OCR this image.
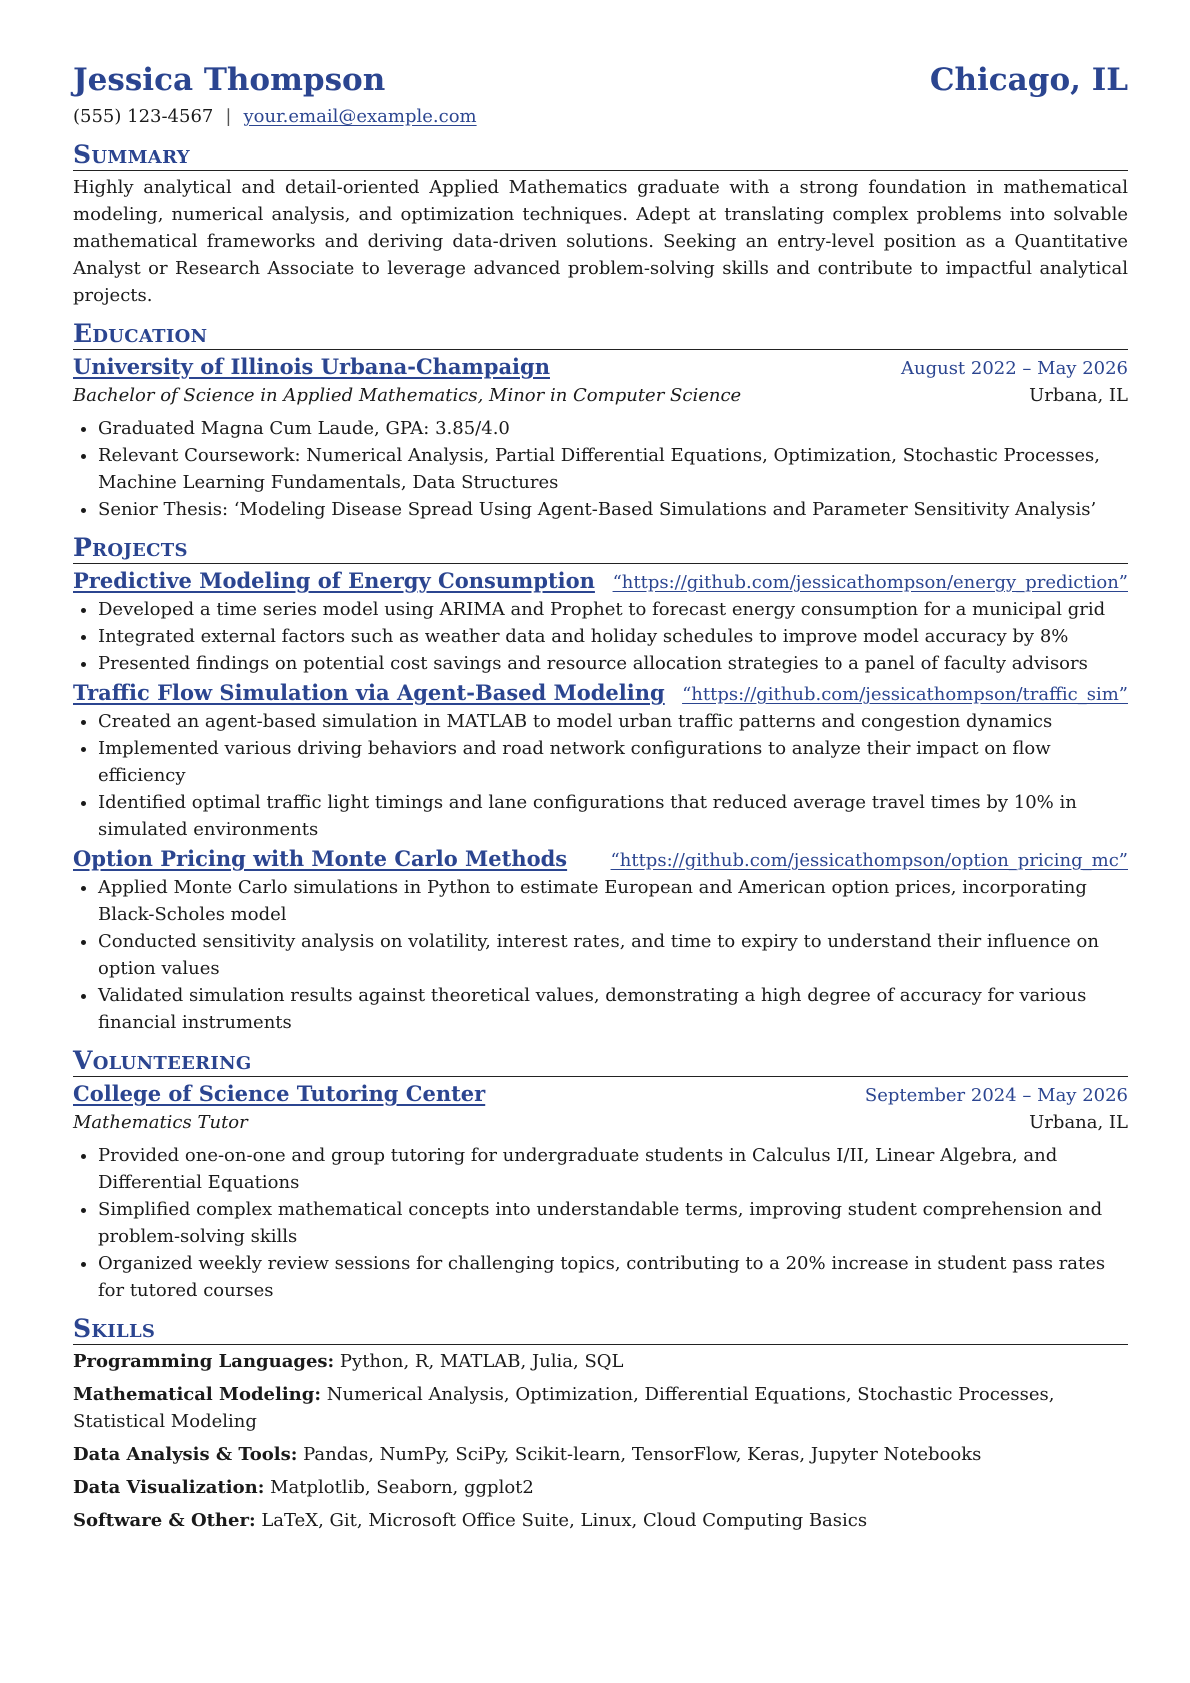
Jessica Thompson	Chicago, IL
(555) 123-4567 | your.email@example.com
Summary
Highly analytical and detail-oriented Applied Mathematics graduate with a strong foundation in mathematical modeling, numerical analysis, and optimization techniques. Adept at translating complex problems into solvable mathematical frameworks and deriving data-driven solutions. Seeking an entry-level position as a Quantitative Analyst or Research Associate to leverage advanced problem-solving skills and contribute to impactful analytical projects.
Education
University of Illinois Urbana-Champaign	August 2022 – May 2026
Bachelor of Science in Applied Mathematics, Minor in Computer Science	Urbana, IL
• Graduated Magna Cum Laude, GPA: 3.85/4.0
• Relevant Coursework: Numerical Analysis, Partial Differential Equations, Optimization, Stochastic Processes, Machine Learning Fundamentals, Data Structures
• Senior Thesis: ‘Modeling Disease Spread Using Agent-Based Simulations and Parameter Sensitivity Analysis’
Projects
Predictive Modeling of Energy Consumption “https://github.com/jessicathompson/energy_prediction”
• Developed a time series model using ARIMA and Prophet to forecast energy consumption for a municipal grid
• Integrated external factors such as weather data and holiday schedules to improve model accuracy by 8%
• Presented findings on potential cost savings and resource allocation strategies to a panel of faculty advisors
Traffic Flow Simulation via Agent-Based Modeling “https://github.com/jessicathompson/traffic_sim”
• Created an agent-based simulation in MATLAB to model urban traffic patterns and congestion dynamics
• Implemented various driving behaviors and road network configurations to analyze their impact on flow efficiency
• Identified optimal traffic light timings and lane configurations that reduced average travel times by 10% in simulated environments
Option Pricing with Monte Carlo Methods “https://github.com/jessicathompson/option_pricing_mc”
• Applied Monte Carlo simulations in Python to estimate European and American option prices, incorporating Black-Scholes model
• Conducted sensitivity analysis on volatility, interest rates, and time to expiry to understand their influence on option values
• Validated simulation results against theoretical values, demonstrating a high degree of accuracy for various financial instruments
Volunteering
College of Science Tutoring Center	September 2024 – May 2026
Mathematics Tutor	Urbana, IL
• Provided one-on-one and group tutoring for undergraduate students in Calculus I/II, Linear Algebra, and Differential Equations
• Simplified complex mathematical concepts into understandable terms, improving student comprehension and problem-solving skills
• Organized weekly review sessions for challenging topics, contributing to a 20% increase in student pass rates for tutored courses
Skills
Programming Languages: Python, R, MATLAB, Julia, SQL
Mathematical Modeling: Numerical Analysis, Optimization, Differential Equations, Stochastic Processes, Statistical Modeling
Data Analysis & Tools: Pandas, NumPy, SciPy, Scikit-learn, TensorFlow, Keras, Jupyter Notebooks
Data Visualization: Matplotlib, Seaborn, ggplot2
Software & Other: LaTeX, Git, Microsoft Office Suite, Linux, Cloud Computing Basics
